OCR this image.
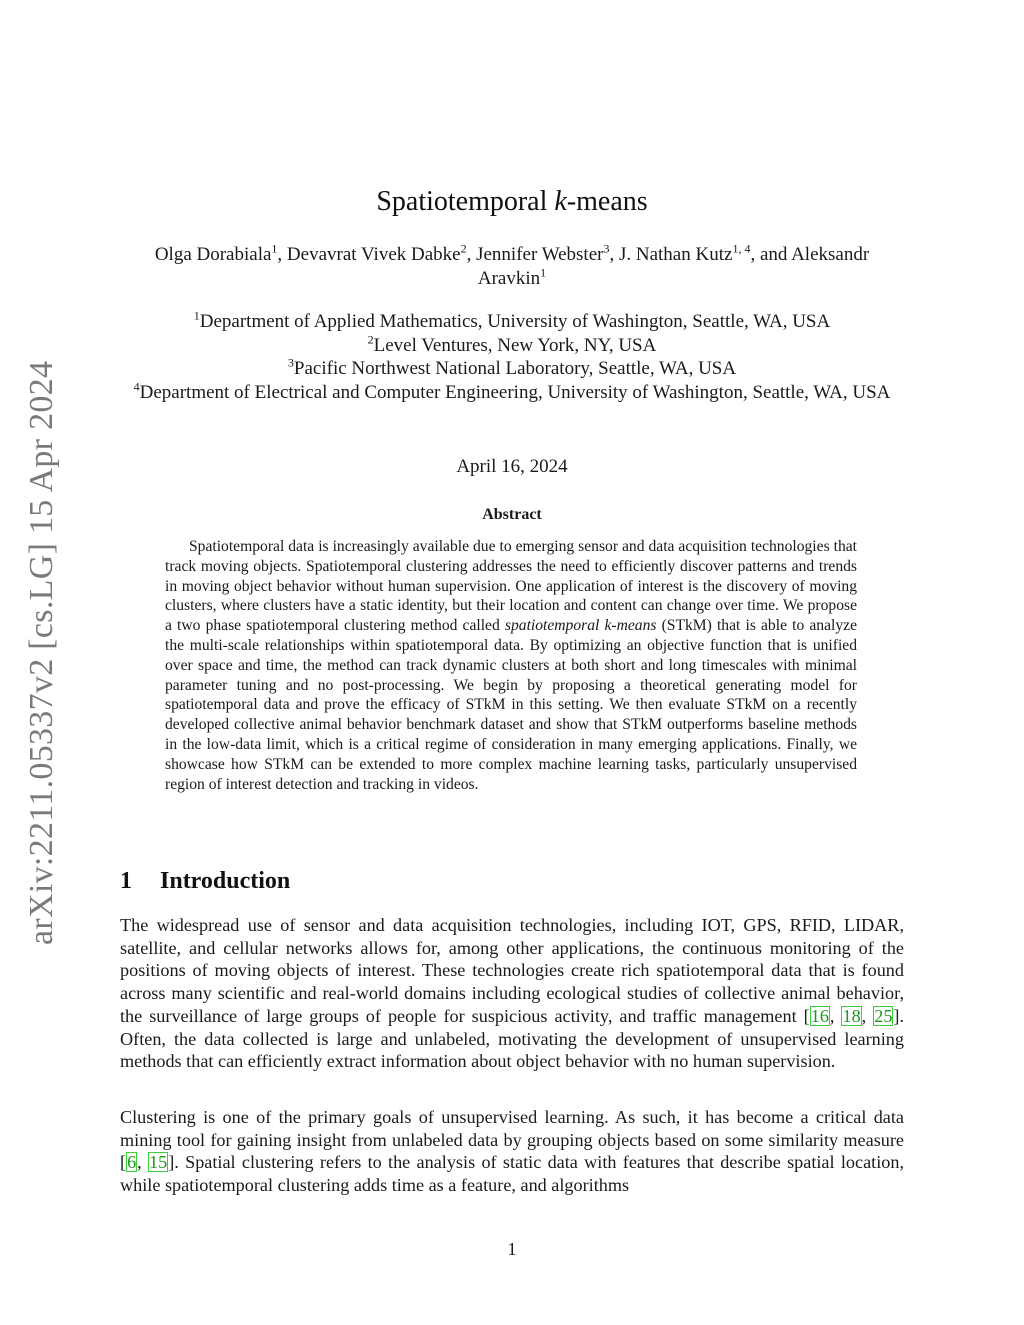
arXiv:2211.05337v2 [cs.LG] 15 Apr 2024
Spatiotemporal k-means
Olga Dorabiala$^1$, Devavrat Vivek Dabke$^2$, Jennifer Webster$^3$, J. Nathan Kutz$^{1, 4}$, and Aleksandr Aravkin$^1$
$^1$Department of Applied Mathematics, University of Washington, Seattle, WA, USA
$^2$Level Ventures, New York, NY, USA
$^3$Pacific Northwest National Laboratory, Seattle, WA, USA
$^4$Department of Electrical and Computer Engineering, University of Washington, Seattle, WA, USA
April 16, 2024
Abstract
Spatiotemporal data is increasingly available due to emerging sensor and data acquisition technologies that track moving objects. Spatiotemporal clustering addresses the need to efficiently discover patterns and trends in moving object behavior without human supervision. One application of interest is the discovery of moving clusters, where clusters have a static identity, but their location and content can change over time. We propose a two phase spatiotemporal clustering method called spatiotemporal k-means (STkM) that is able to analyze the multi-scale relationships within spatiotemporal data. By optimizing an objective function that is unified over space and time, the method can track dynamic clusters at both short and long timescales with minimal parameter tuning and no post-processing. We begin by proposing a theoretical generating model for spatiotemporal data and prove the efficacy of STkM in this setting. We then evaluate STkM on a recently developed collective animal behavior benchmark dataset and show that STkM outperforms baseline methods in the low-data limit, which is a critical regime of consideration in many emerging applications. Finally, we showcase how STkM can be extended to more complex machine learning tasks, particularly unsupervised region of interest detection and tracking in videos.
1 Introduction
The widespread use of sensor and data acquisition technologies, including IOT, GPS, RFID, LIDAR, satellite, and cellular networks allows for, among other applications, the continuous monitoring of the positions of moving objects of interest. These technologies create rich spatiotemporal data that is found across many scientific and real-world domains including ecological studies of collective animal behavior, the surveillance of large groups of people for suspicious activity, and traffic management [16, 18, 25]. Often, the data collected is large and unlabeled, motivating the development of unsupervised learning methods that can efficiently extract information about object behavior with no human supervision.
Clustering is one of the primary goals of unsupervised learning. As such, it has become a critical data mining tool for gaining insight from unlabeled data by grouping objects based on some similarity measure [6, 15]. Spatial clustering refers to the analysis of static data with features that describe spatial location, while spatiotemporal clustering adds time as a feature, and algorithms
1
